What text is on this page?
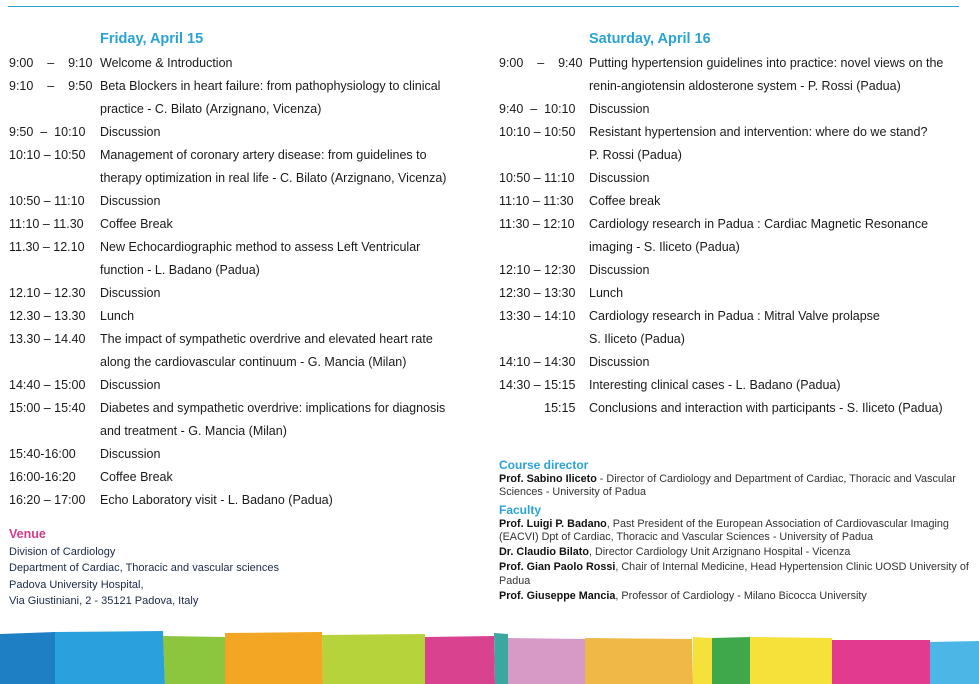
Friday, April 15
9:00    –    9:10 Welcome & Introduction
9:10    –    9:50 Beta Blockers in heart failure: from pathophysiology to clinical
practice - C. Bilato (Arzignano, Vicenza)
9:50  –  10:10	Discussion
10:10 – 10:50	Management of coronary artery disease: from guidelines to
therapy optimization in real life - C. Bilato (Arzignano, Vicenza)
10:50 – 11:10	Discussion
11:10 – 11.30	Coffee Break
11.30 – 12.10	New Echocardiographic method to assess Left Ventricular
function - L. Badano (Padua)
12.10 – 12.30	Discussion
12.30 – 13.30	Lunch
13.30 – 14.40	The impact of sympathetic overdrive and elevated heart rate
along the cardiovascular continuum - G. Mancia (Milan)
14:40 – 15:00	Discussion
15:00 – 15:40	Diabetes and sympathetic overdrive: implications for diagnosis
and treatment - G. Mancia (Milan)
15:40-16:00	Discussion
16:00-16:20	Coffee Break
16:20 – 17:00	Echo Laboratory visit - L. Badano (Padua)
Saturday, April 16
9:00    –    9:40 Putting hypertension guidelines into practice: novel views on the
renin-angiotensin aldosterone system - P. Rossi (Padua)
9:40  –  10:10	Discussion
10:10 – 10:50	Resistant hypertension and intervention: where do we stand?
P. Rossi (Padua)
10:50 – 11:10	Discussion
11:10 – 11:30	Coffee break
11:30 – 12:10	Cardiology research in Padua : Cardiac Magnetic Resonance
imaging - S. Iliceto (Padua)
12:10 – 12:30	Discussion
12:30 – 13:30	Lunch
13:30 – 14:10	Cardiology research in Padua : Mitral Valve prolapse
S. Iliceto (Padua)
14:10 – 14:30	Discussion
14:30 – 15:15	Interesting clinical cases - L. Badano (Padua)
15:15	Conclusions and interaction with participants - S. Iliceto (Padua)
Venue
Division of Cardiology
Department of Cardiac, Thoracic and vascular sciences
Padova University Hospital,
Via Giustiniani, 2 - 35121 Padova, Italy
Course director
Prof. Sabino Iliceto - Director of Cardiology and Department of Cardiac, Thoracic and Vascular Sciences - University of Padua
Faculty
Prof. Luigi P. Badano, Past President of the European Association of Cardiovascular Imaging (EACVI) Dpt of Cardiac, Thoracic and Vascular Sciences - University of Padua
Dr. Claudio Bilato, Director Cardiology Unit Arzignano Hospital - Vicenza
Prof. Gian Paolo Rossi, Chair of Internal Medicine, Head Hypertension Clinic UOSD University of Padua
Prof. Giuseppe Mancia, Professor of Cardiology - Milano Bicocca University
